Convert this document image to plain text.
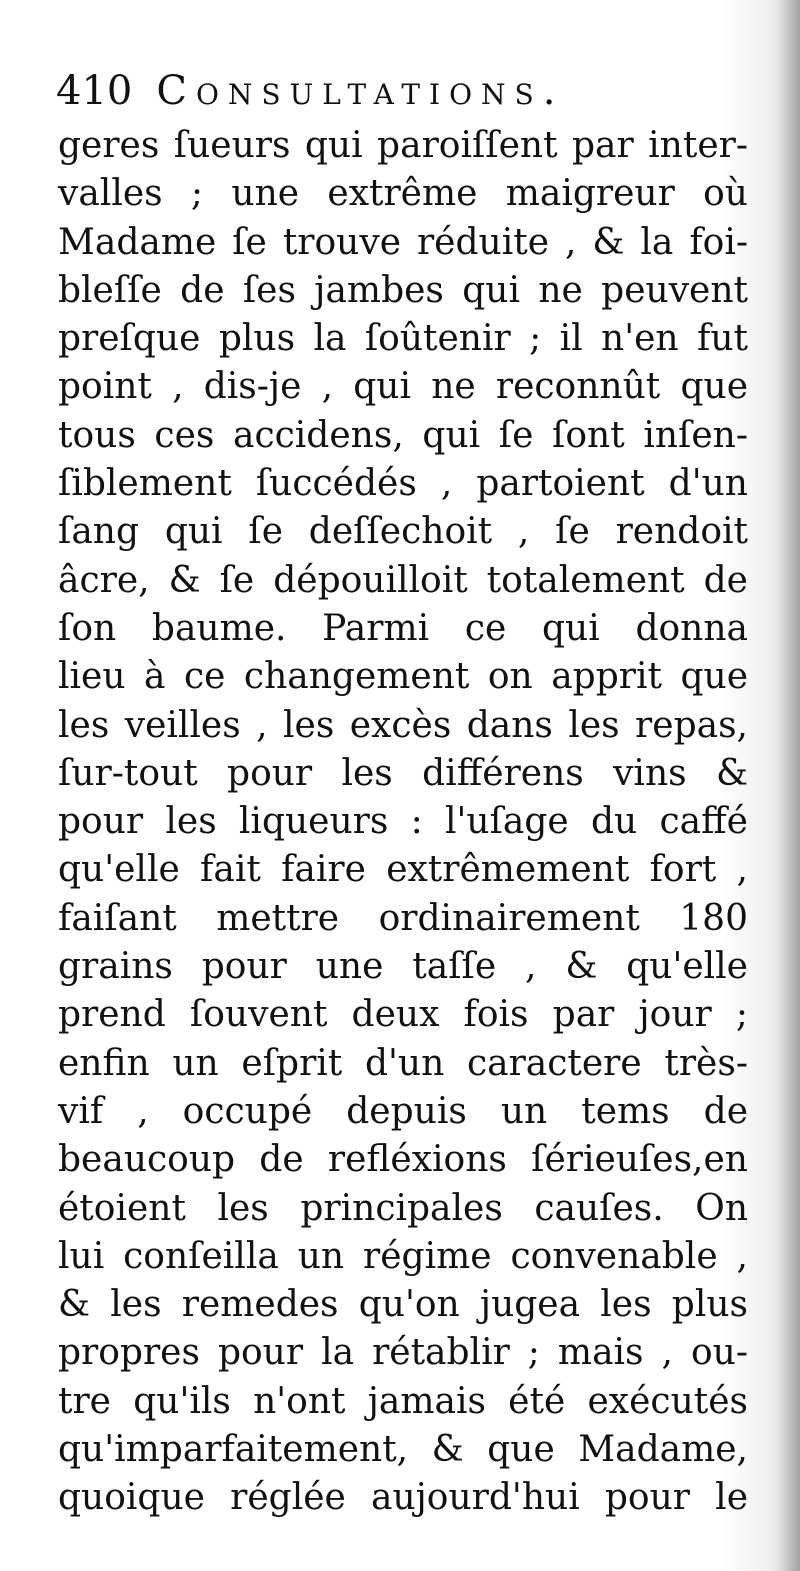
410 Consultations.
geres ſueurs qui paroiſſent par inter-
valles ; une extrême maigreur où
Madame ſe trouve réduite , & la foi-
bleſſe de ſes jambes qui ne peuvent
preſque plus la ſoûtenir ; il n'en fut
point , dis-je , qui ne reconnût que
tous ces accidens, qui ſe ſont inſen-
ſiblement ſuccédés , partoient d'un
ſang qui ſe deſſechoit , ſe rendoit
âcre, & ſe dépouilloit totalement de
ſon baume. Parmi ce qui donna
lieu à ce changement on apprit que
les veilles , les excès dans les repas,
ſur-tout pour les différens vins &
pour les liqueurs : l'uſage du caffé
qu'elle fait faire extrêmement fort ,
faiſant mettre ordinairement 180
grains pour une taſſe , & qu'elle
prend ſouvent deux fois par jour ;
enfin un eſprit d'un caractere très-
vif , occupé depuis un tems de
beaucoup de refléxions ſérieuſes,en
étoient les principales cauſes. On
lui conſeilla un régime convenable ,
& les remedes qu'on jugea les plus
propres pour la rétablir ; mais , ou-
tre qu'ils n'ont jamais été exécutés
qu'imparfaitement, & que Madame,
quoique réglée aujourd'hui pour le
